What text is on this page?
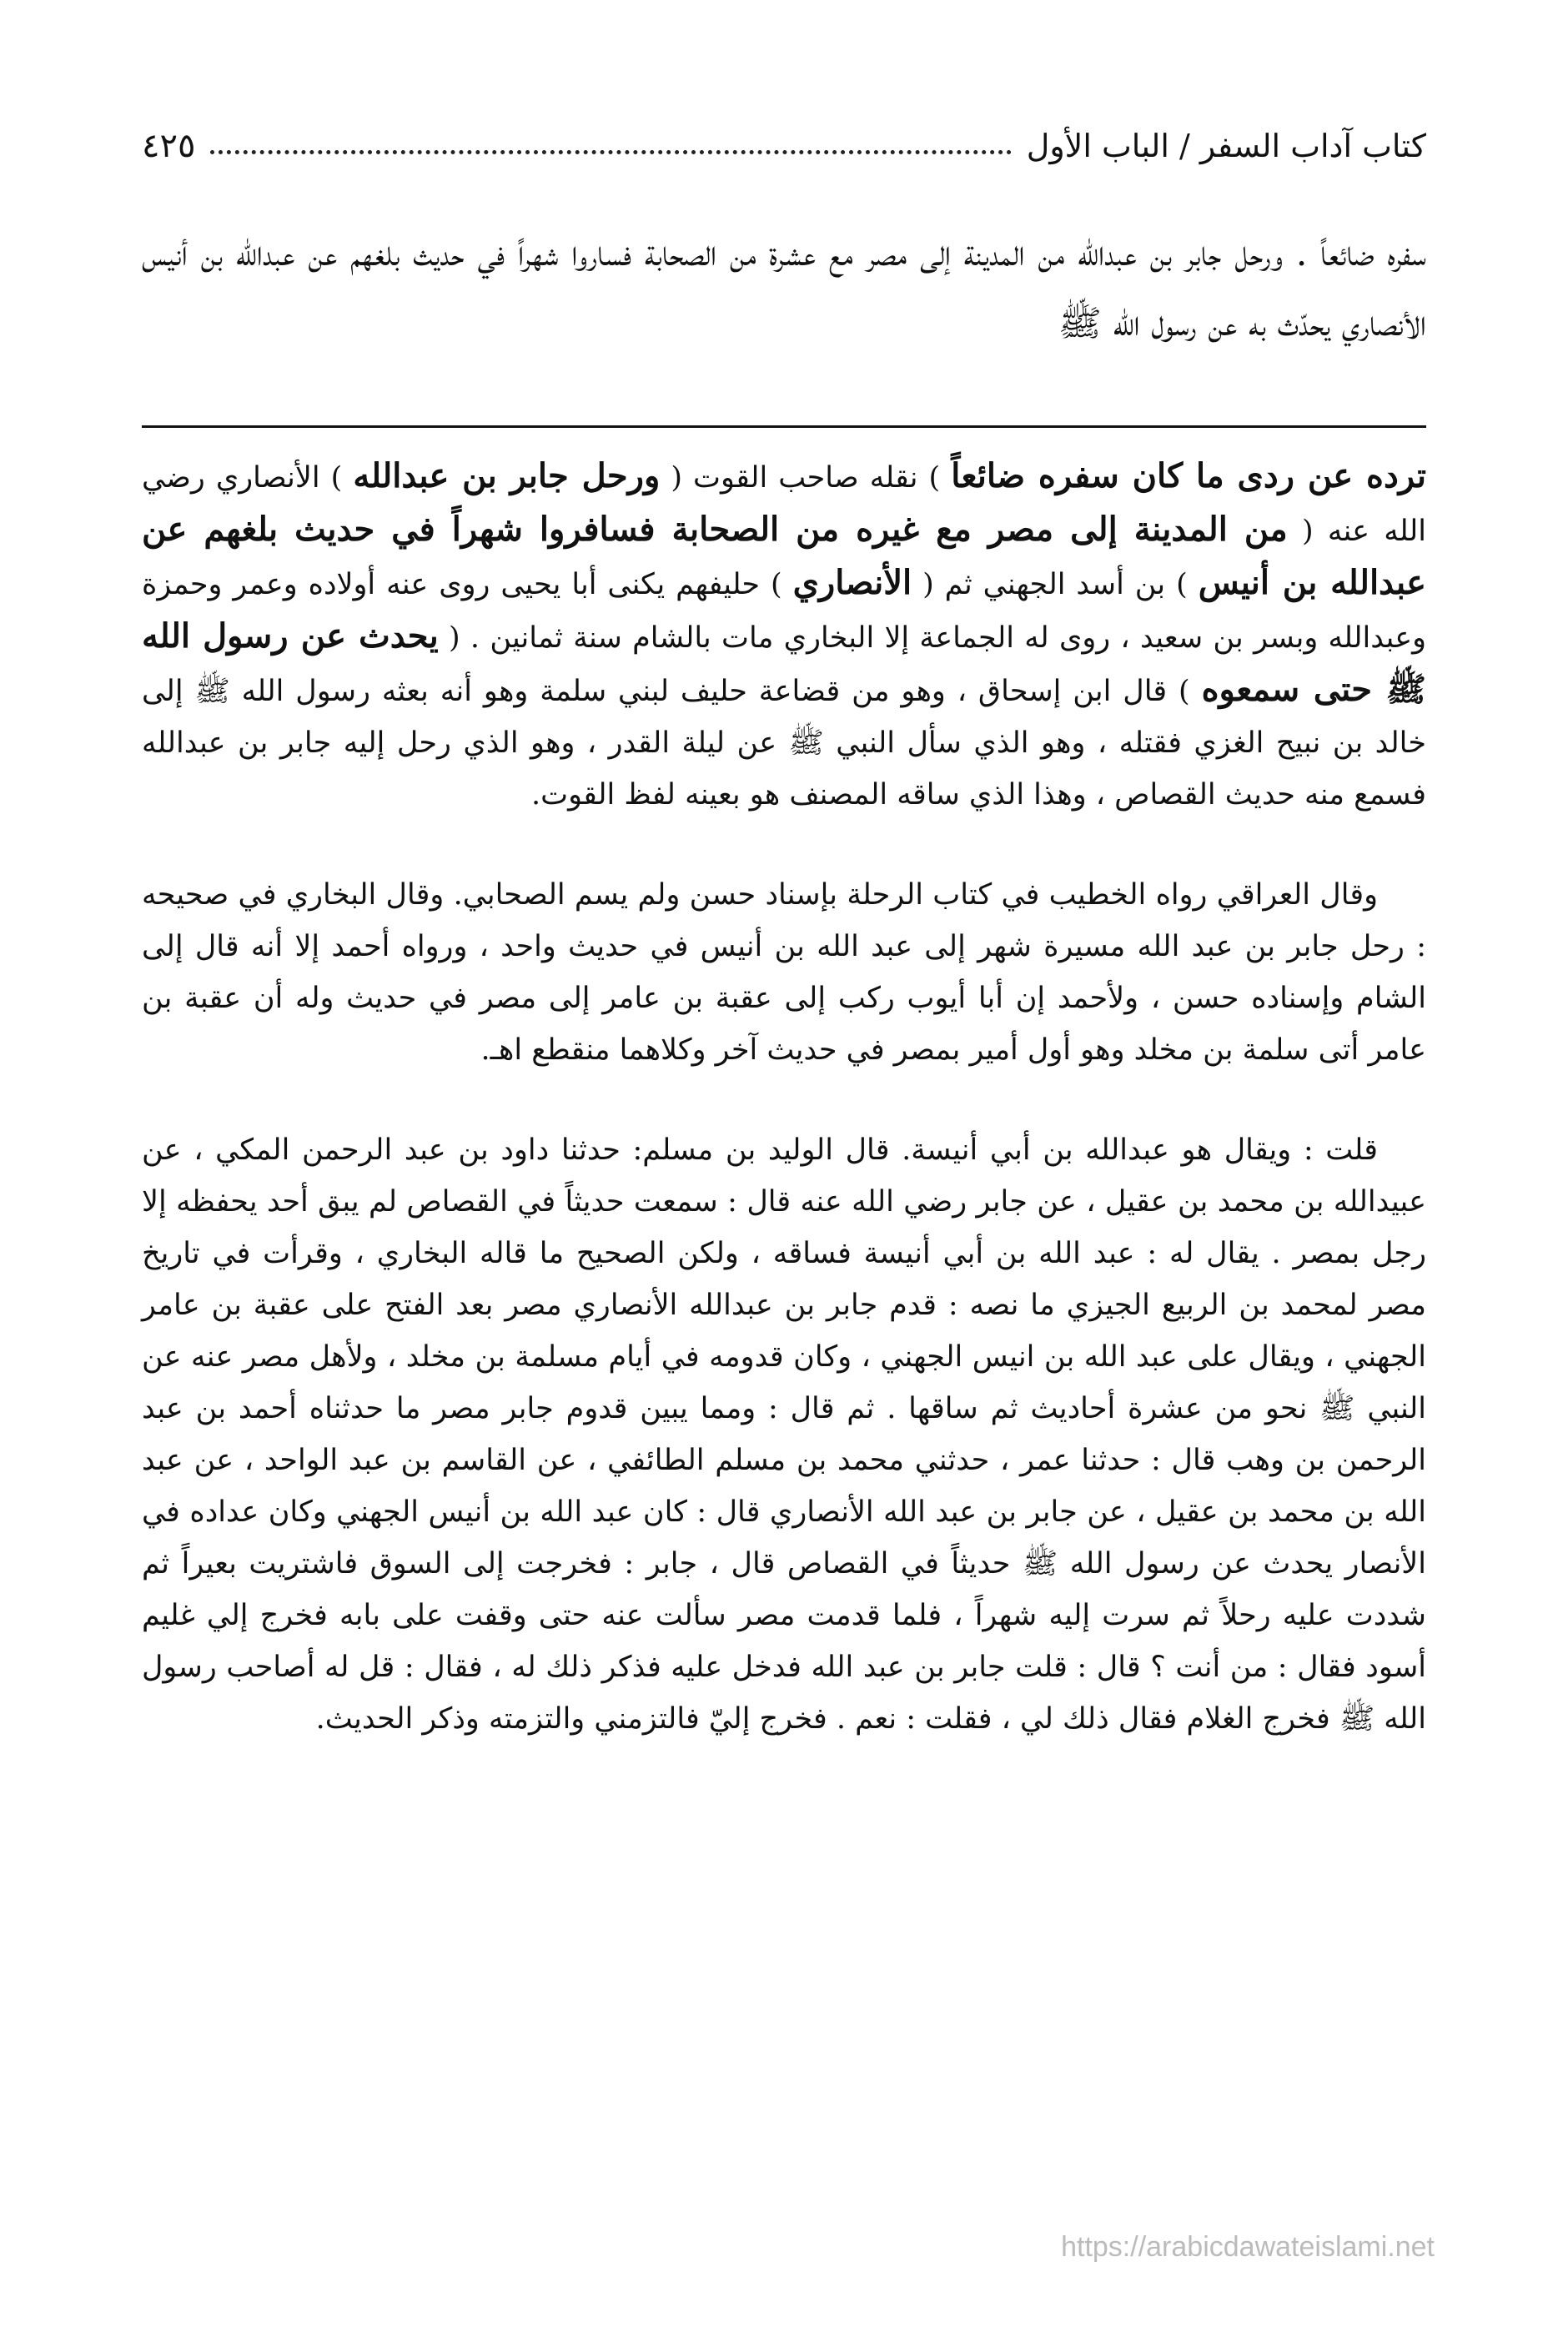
كتاب آداب السفر / الباب الأول
٤٢٥

سفره ضائعاً . ورحل جابر بن عبدالله من المدينة إلى مصر مع عشرة من الصحابة فساروا شهراً في حديث بلغهم عن عبدالله بن أنيس الأنصاري يحدّث به عن رسول الله ﷺ

ترده عن ردى ما كان سفره ضائعاً ) نقله صاحب القوت ( ورحل جابر بن عبدالله ) الأنصاري رضي الله عنه ( من المدينة إلى مصر مع غيره من الصحابة فسافروا شهراً في حديث بلغهم عن عبدالله بن أنيس ) بن أسد الجهني ثم ( الأنصاري ) حليفهم يكنى أبا يحيى روى عنه أولاده وعمر وحمزة وعبدالله وبسر بن سعيد ، روى له الجماعة إلا البخاري مات بالشام سنة ثمانين . ( يحدث عن رسول الله ﷺ حتى سمعوه ) قال ابن إسحاق ، وهو من قضاعة حليف لبني سلمة وهو أنه بعثه رسول الله ﷺ إلى خالد بن نبيح الغزي فقتله ، وهو الذي سأل النبي ﷺ عن ليلة القدر ، وهو الذي رحل إليه جابر بن عبدالله فسمع منه حديث القصاص ، وهذا الذي ساقه المصنف هو بعينه لفظ القوت.

وقال العراقي رواه الخطيب في كتاب الرحلة بإسناد حسن ولم يسم الصحابي. وقال البخاري في صحيحه : رحل جابر بن عبد الله مسيرة شهر إلى عبد الله بن أنيس في حديث واحد ، ورواه أحمد إلا أنه قال إلى الشام وإسناده حسن ، ولأحمد إن أبا أيوب ركب إلى عقبة بن عامر إلى مصر في حديث وله أن عقبة بن عامر أتى سلمة بن مخلد وهو أول أمير بمصر في حديث آخر وكلاهما منقطع اهـ.

قلت : ويقال هو عبدالله بن أبي أنيسة. قال الوليد بن مسلم: حدثنا داود بن عبد الرحمن المكي ، عن عبيدالله بن محمد بن عقيل ، عن جابر رضي الله عنه قال : سمعت حديثاً في القصاص لم يبق أحد يحفظه إلا رجل بمصر . يقال له : عبد الله بن أبي أنيسة فساقه ، ولكن الصحيح ما قاله البخاري ، وقرأت في تاريخ مصر لمحمد بن الربيع الجيزي ما نصه : قدم جابر بن عبدالله الأنصاري مصر بعد الفتح على عقبة بن عامر الجهني ، ويقال على عبد الله بن انيس الجهني ، وكان قدومه في أيام مسلمة بن مخلد ، ولأهل مصر عنه عن النبي ﷺ نحو من عشرة أحاديث ثم ساقها . ثم قال : ومما يبين قدوم جابر مصر ما حدثناه أحمد بن عبد الرحمن بن وهب قال : حدثنا عمر ، حدثني محمد بن مسلم الطائفي ، عن القاسم بن عبد الواحد ، عن عبد الله بن محمد بن عقيل ، عن جابر بن عبد الله الأنصاري قال : كان عبد الله بن أنيس الجهني وكان عداده في الأنصار يحدث عن رسول الله ﷺ حديثاً في القصاص قال ، جابر : فخرجت إلى السوق فاشتريت بعيراً ثم شددت عليه رحلاً ثم سرت إليه شهراً ، فلما قدمت مصر سألت عنه حتى وقفت على بابه فخرج إلي غليم أسود فقال : من أنت ؟ قال : قلت جابر بن عبد الله فدخل عليه فذكر ذلك له ، فقال : قل له أصاحب رسول الله ﷺ فخرج الغلام فقال ذلك لي ، فقلت : نعم . فخرج إليّ فالتزمني والتزمته وذكر الحديث.

https://arabicdawateislami.net
